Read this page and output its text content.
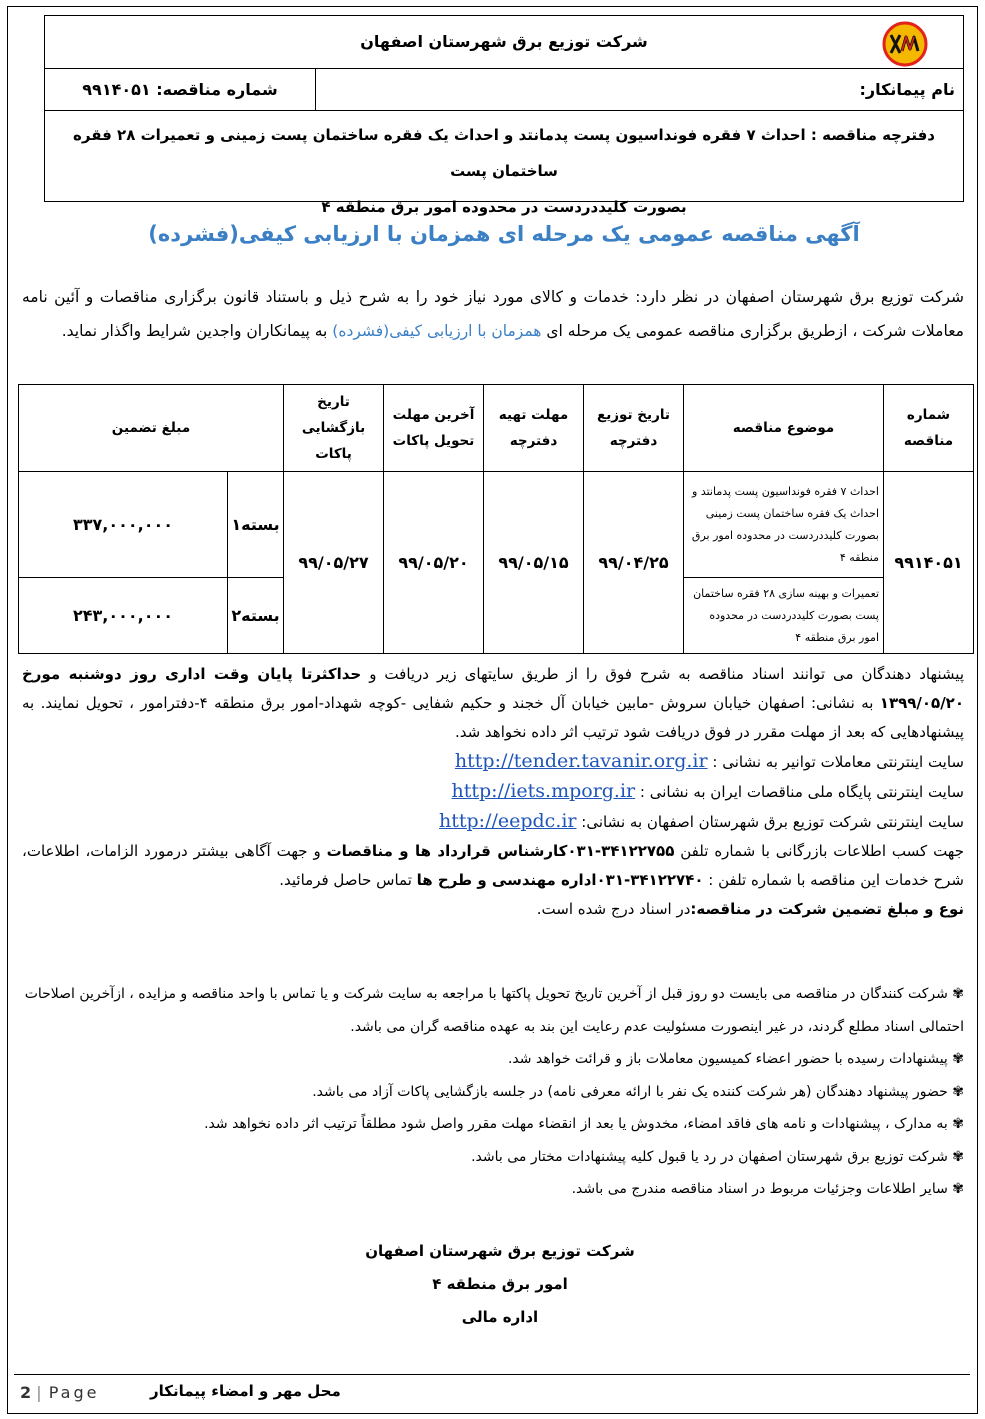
شرکت توزیع برق شهرستان اصفهان
نام پیمانکار:
شماره مناقصه: ۹۹۱۴۰۵۱
دفترچه مناقصه : احداث ۷ فقره فونداسیون پست پدمانتد و احداث یک فقره ساختمان پست زمینی و تعمیرات ۲۸ فقره ساختمان پست
بصورت کلیددردست در محدوده امور برق منطقه ۴
آگهی مناقصه عمومی یک مرحله ای همزمان با ارزیابی کیفی(فشرده)
شرکت توزیع برق شهرستان اصفهان در نظر دارد: خدمات و کالای مورد نیاز خود را به شرح ذیل و باستناد قانون برگزاری مناقصات و آئین نامه معاملات شرکت ، ازطریق برگزاری مناقصه عمومی یک مرحله ای همزمان با ارزیابی کیفی(فشرده) به پیمانکاران واجدین شرایط واگذار نماید.
شماره مناقصه	موضوع مناقصه	تاریخ توزیع دفترچه	مهلت تهیه دفترچه	آخرین مهلت تحویل پاکات	تاریخ بازگشایی پاکات	مبلغ تضمین	
۹۹۱۴۰۵۱	احداث ۷ فقره فونداسیون پست پدمانتد و احداث یک فقره ساختمان پست زمینی بصورت کلیددردست در محدوده امور برق منطقه ۴	۹۹/۰۴/۲۵	۹۹/۰۵/۱۵	۹۹/۰۵/۲۰	۹۹/۰۵/۲۷	بسته۱	۳۳۷,۰۰۰,۰۰۰
	تعمیرات و بهینه سازی ۲۸ فقره ساختمان پست بصورت کلیددردست در محدوده امور برق منطقه ۴					بسته۲	۲۴۳,۰۰۰,۰۰۰

پیشنهاد دهندگان می توانند اسناد مناقصه به شرح فوق را از طریق سایتهای زیر دریافت و حداکثرتا پایان وقت اداری روز دوشنبه مورخ ۱۳۹۹/۰۵/۲۰ به نشانی: اصفهان خیابان سروش -مابین خیابان آل خجند و حکیم شفایی -کوچه شهداد-امور برق منطقه ۴-دفترامور ، تحویل نمایند. به پیشنهادهایی که بعد از مهلت مقرر در فوق دریافت شود ترتیب اثر داده نخواهد شد.

سایت اینترنتی معاملات توانیر به نشانی : http://tender.tavanir.org.ir

سایت اینترنتی پایگاه ملی مناقصات ایران به نشانی : http://iets.mporg.ir

سایت اینترنتی شرکت توزیع برق شهرستان اصفهان به نشانی: http://eepdc.ir

جهت کسب اطلاعات بازرگانی با شماره تلفن ۳۴۱۲۲۷۵۵-۰۳۱کارشناس قرارداد ها و مناقصات و جهت آگاهی بیشتر درمورد الزامات، اطلاعات، شرح خدمات این مناقصه با شماره تلفن : ۳۴۱۲۲۷۴۰-۰۳۱اداره مهندسی و طرح ها تماس حاصل فرمائید.

نوع و مبلغ تضمین شرکت در مناقصه:در اسناد درج شده است.

✾ شرکت کنندگان در مناقصه می بایست دو روز قبل از آخرین تاریخ تحویل پاکتها با مراجعه به سایت شرکت و یا تماس با واحد مناقصه و مزایده ، ازآخرین اصلاحات احتمالی اسناد مطلع گردند، در غیر اینصورت مسئولیت عدم رعایت این بند به عهده مناقصه گران می باشد.
✾ پیشنهادات رسیده با حضور اعضاء کمیسیون معاملات باز و قرائت خواهد شد.
✾ حضور پیشنهاد دهندگان (هر شرکت کننده یک نفر با ارائه معرفی نامه) در جلسه بازگشایی پاکات آزاد می باشد.
✾ به مدارک ، پیشنهادات و نامه های فاقد امضاء، مخدوش یا بعد از انقضاء مهلت مقرر واصل شود مطلقاً ترتیب اثر داده نخواهد شد.
✾ شرکت توزیع برق شهرستان اصفهان در رد یا قبول کلیه پیشنهادات مختار می باشد.
✾ سایر اطلاعات وجزئیات مربوط در اسناد مناقصه مندرج می باشد.
شرکت توزیع برق شهرستان اصفهان
امور برق منطقه ۴
اداره مالی
محل مهر و امضاء پیمانکار
2 | Page
